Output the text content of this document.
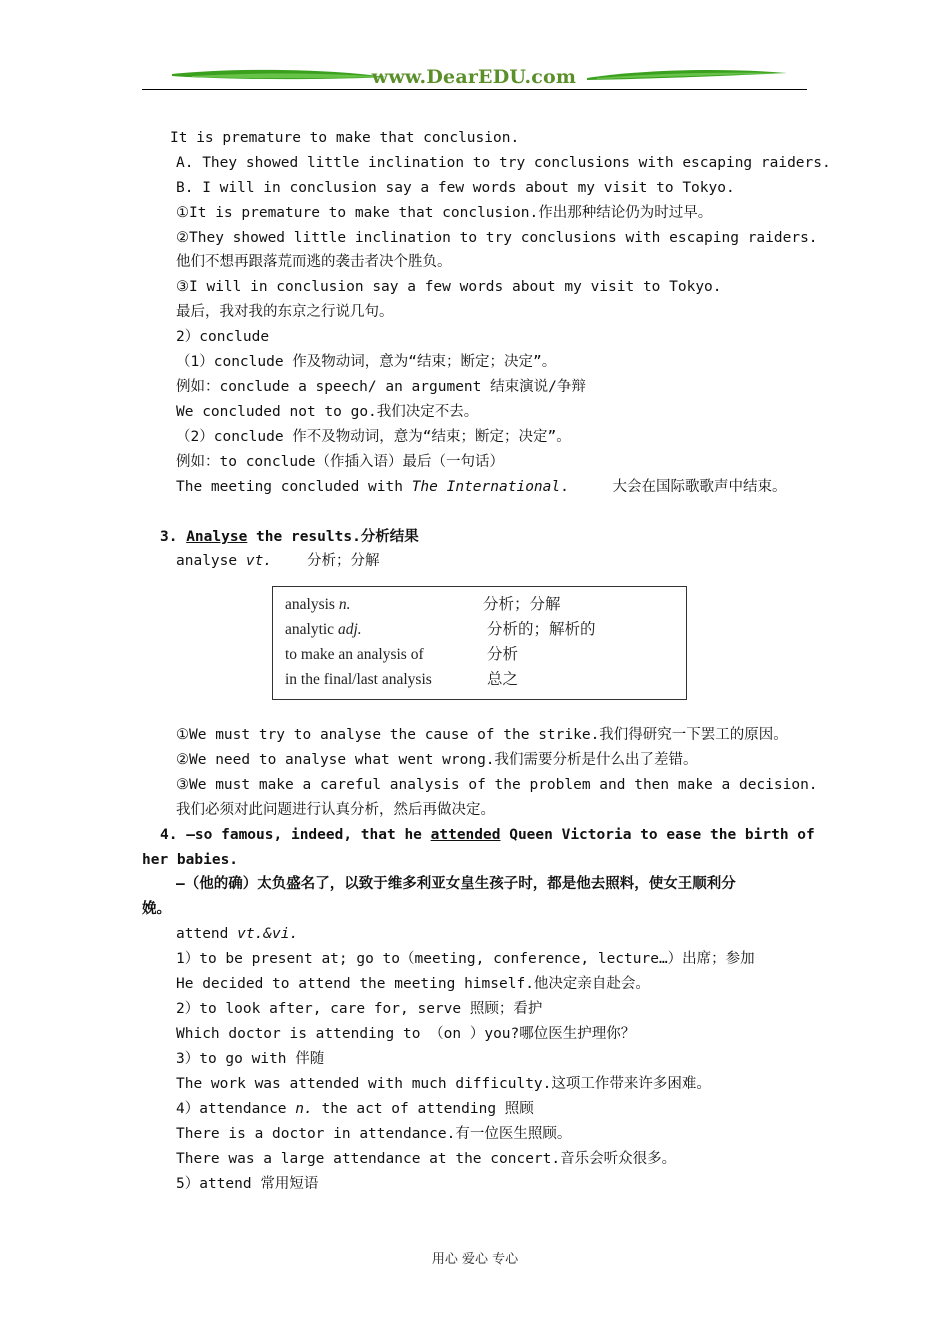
www.DearEDU.com
It is premature to make that conclusion.
A. They showed little inclination to try conclusions with escaping raiders.
B. I will in conclusion say a few words about my visit to Tokyo.
①It is premature to make that conclusion.作出那种结论仍为时过早。
②They showed little inclination to try conclusions with escaping raiders.
他们不想再跟落荒而逃的袭击者决个胜负。
③I will in conclusion say a few words about my visit to Tokyo.
最后，我对我的东京之行说几句。
2）conclude
（1）conclude 作及物动词，意为“结束；断定；决定”。
例如：conclude a speech/ an argument 结束演说/争辩
We concluded not to go.我们决定不去。
（2）conclude 作不及物动词，意为“结束；断定；决定”。
例如：to conclude（作插入语）最后（一句话）
The meeting concluded with The International.     大会在国际歌歌声中结束。
3. Analyse the results.分析结果
analyse vt.    分析；分解
analysis n.	分析；分解
analytic adj.	分析的；解析的
to make an analysis of	分析
in the final/last analysis	总之
①We must try to analyse the cause of the strike.我们得研究一下罢工的原因。
②We need to analyse what went wrong.我们需要分析是什么出了差错。
③We must make a careful analysis of the problem and then make a decision.
我们必须对此问题进行认真分析，然后再做决定。
4. —so famous, indeed, that he attended Queen Victoria to ease the birth of
her babies.
—（他的确）太负盛名了，以致于维多利亚女皇生孩子时，都是他去照料，使女王顺利分
娩。
attend vt.&vi.
1）to be present at; go to（meeting, conference, lecture…）出席；参加
He decided to attend the meeting himself.他决定亲自赴会。
2）to look after, care for, serve 照顾；看护
Which doctor is attending to （on ）you?哪位医生护理你？
3）to go with 伴随
The work was attended with much difficulty.这项工作带来许多困难。
4）attendance n. the act of attending 照顾
There is a doctor in attendance.有一位医生照顾。
There was a large attendance at the concert.音乐会听众很多。
5）attend 常用短语
用心 爱心 专心
